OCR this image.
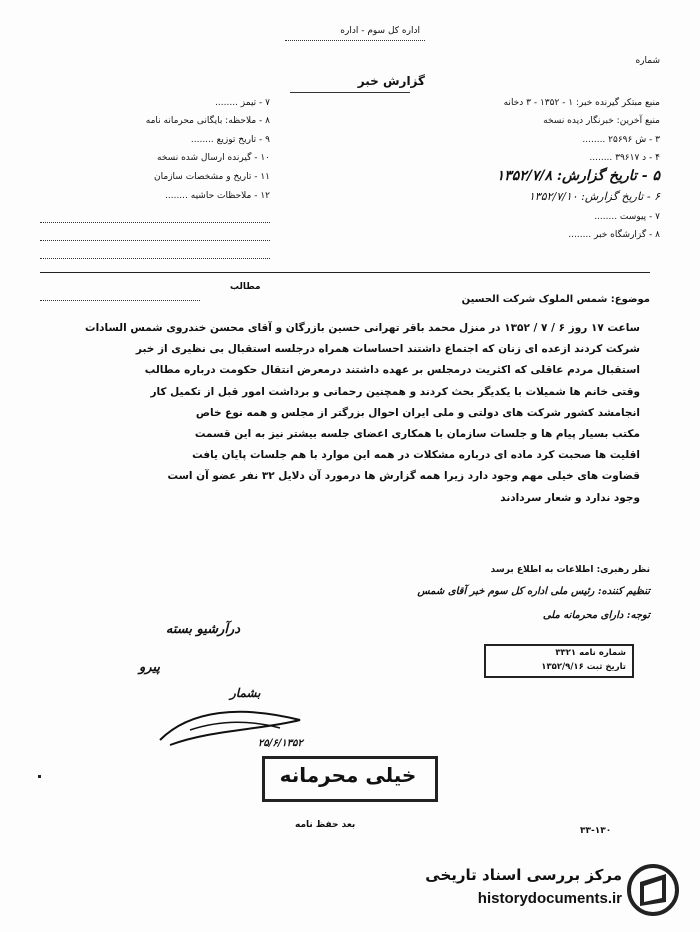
اداره کل سوم - اداره
گزارش خبر
شماره
منبع مبتکر گیرنده خبر: ۱ - ۱۳۵۲ - ۳ دخانه
منبع آخرین: خبرنگار دیده نسخه
۳ - ش ۲۵۶۹۶ ........
۴ - د ۳۹۶۱۷ ........
۵ - تاریخ گزارش: ۱۳۵۲/۷/۸
۶ - تاریخ گزارش: ۱۳۵۲/۷/۱۰
۷ - پیوست ........
۸ - گزارشگاه خبر ........
۷ - تیمز ........
۸ - ملاحظه: بایگانی محرمانه نامه
۹ - تاریخ توزیع ........
۱۰ - گیرنده ارسال شده نسخه
۱۱ - تاریخ و مشخصات سازمان
۱۲ - ملاحظات حاشیه ........
موضوع: شمس الملوک شرکت الحسین
مطالب

ساعت ۱۷ روز ۶ / ۷ / ۱۳۵۲ در منزل محمد باقر تهرانی حسین بازرگان و آقای محسن خندروی شمس السادات

شرکت کردند ازعده ای زنان که اجتماع داشتند احساسات همراه درجلسه استقبال بی نظیری از خبر

استقبال مردم عاقلی که اکثریت درمجلس بر عهده داشتند درمعرض انتقال حکومت درباره مطالب

وقتی خانم ها شمیلات با یکدیگر بحث کردند و همچنین رحمانی و برداشت امور قبل از تکمیل کار

انجامشد کشور شرکت های دولتی و ملی ایران احوال بزرگتر از مجلس و همه نوع خاص

مکتب بسیار پیام ها و جلسات سازمان با همکاری اعضای جلسه بیشتر نیز به این قسمت

اقلیت ها صحبت کرد ماده ای درباره مشکلات در همه این موارد با هم جلسات پایان یافت

قضاوت های خیلی مهم وجود دارد زیرا همه گزارش ها درمورد آن دلایل ۳۲ نفر عضو آن است

وجود ندارد و شعار سردادند

نظر رهبری: اطلاعات به اطلاع برسد
تنظیم کننده: رئیس ملی اداره کل سوم خبر آقای شمس
توجه: دارای محرمانه ملی
درآرشیو بسته
پیرو
شماره نامه ۳۳۲۱
تاریخ ثبت ۱۳۵۲/۹/۱۶
بشمار
۲۵/۶/۱۳۵۲
خیلی محرمانه
بعد حفظ نامه
۳۳-۱۳۰
مرکز بررسی اسناد تاریخی
historydocuments.ir
